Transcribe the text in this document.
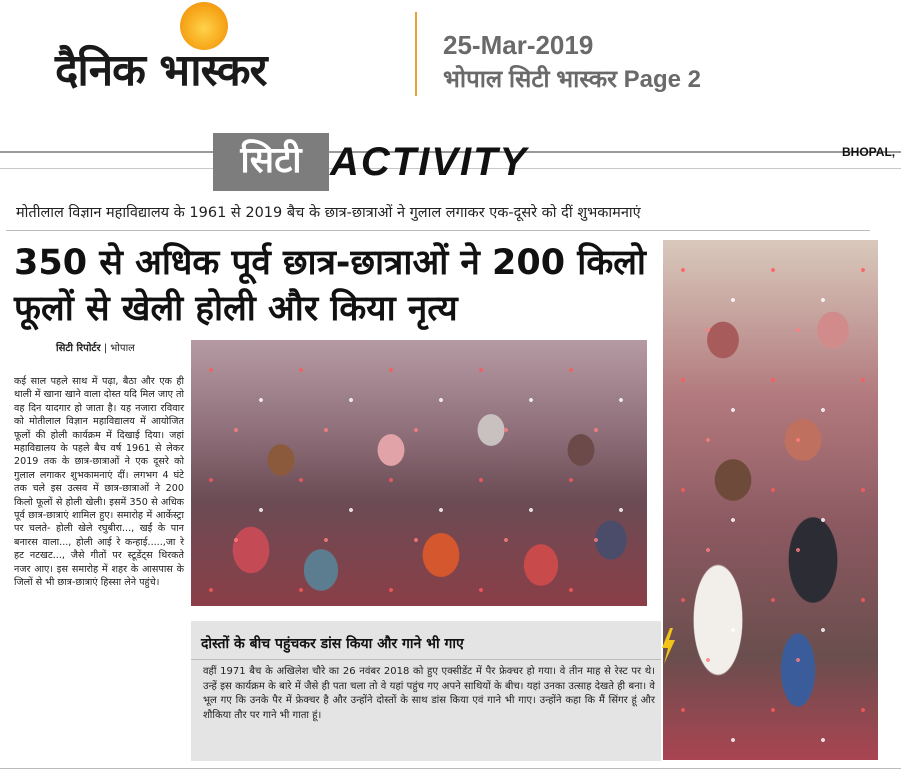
दैनिक भास्कर	25-Mar-2019
भोपाल सिटी भास्कर Page 2
सिटी ACTIVITY	BHOPAL,
मोतीलाल विज्ञान महाविद्यालय के 1961 से 2019 बैच के छात्र-छात्राओं ने गुलाल लगाकर एक-दूसरे को दीं शुभकामनाएं
350 से अधिक पूर्व छात्र-छात्राओं ने 200 किलो फूलों से खेली होली और किया नृत्य
सिटी रिपोर्टर | भोपाल
कई साल पहले साथ में पढ़ा, बैठा और एक ही थाली में खाना खाने वाला दोस्त यदि मिल जाए तो वह दिन यादगार हो जाता है। यह नजारा रविवार को मोतीलाल विज्ञान महाविद्यालय में आयोजित फूलों की होली कार्यक्रम में दिखाई दिया। जहां महाविद्यालय के पहले बैच वर्ष 1961 से लेकर 2019 तक के छात्र-छात्राओं ने एक दूसरे को गुलाल लगाकर शुभकामनाएं दीं। लगभग 4 घंटे तक चले इस उत्सव में छात्र-छात्राओं ने 200 किलो फूलों से होली खेली। इसमें 350 से अधिक पूर्व छात्र-छात्राएं शामिल हुए। समारोह में आर्केस्ट्रा पर चलते- होली खेले रघुबीरा..., खईं के पान बनारस वाला..., होली आई रे कन्हाई.....,जा रे हट नटखट..., जैसे गीतों पर स्टूडेंट्स थिरकते नजर आए। इस समारोह में शहर के आसपास के जिलों से भी छात्र-छात्राएं हिस्सा लेने पहुंचे।
दोस्तों के बीच पहुंचकर डांस किया और गाने भी गाए
वहीं 1971 बैच के अखिलेश चौरे का 26 नवंबर 2018 को हुए एक्सीडेंट में पैर फ्रेक्चर हो गया। वे तीन माह से रेस्ट पर थे। उन्हें इस कार्यक्रम के बारे में जैसे ही पता चला तो वे यहां पहुंच गए अपने साथियों के बीच। यहां उनका उत्साह देखते ही बना। वे भूल गए कि उनके पैर में फ्रेक्चर है और उन्होंने दोस्तों के साथ डांस किया एवं गाने भी गाए। उन्होंने कहा कि मैं सिंगर हूं और शौकिया तौर पर गाने भी गाता हूं।
